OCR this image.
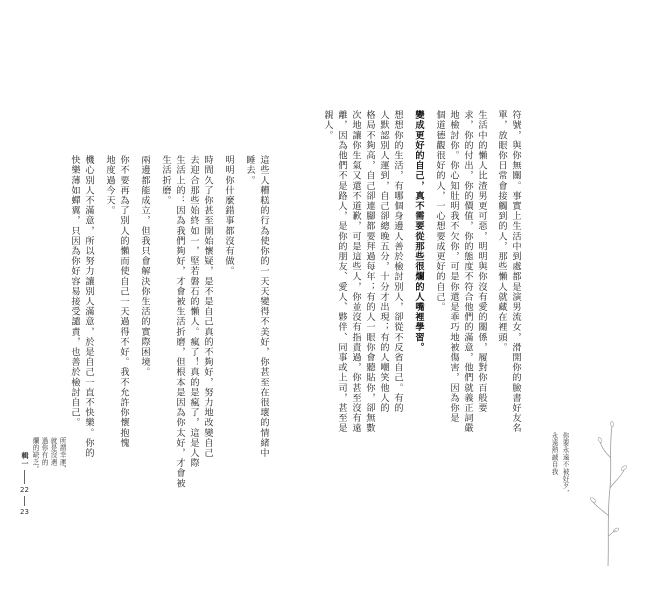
符號，與你無關。事實上生活中到處都是演男流女，滑開你的臉書好友名
單，放眼你日常會接觸到的人，那些懶人就藏在裡頭。
生活中的懶人比渣男更可惡，明明與你沒有愛的關係，履對你百般要
求，你的付出，你的價值，你的態度不符合他們的滿意，他們就義正詞嚴
地檢討你。你心知肚明我不欠你，可是你還是乖巧地被傷害，因為你是
個道德觀很好的人，一心想要成更好的自己。
變成更好的自己，真不需要從那些很爛的人嘴裡學習。
想想你的生活，有哪個身邊人善於檢討別人，卻從不反省自己。有的
人默認別人運到，自己卻總晚五分，十分才出現；有的人嘲笑他人的
格局不夠高，自己卻連腳都要拜過每年；有的人一眼你會聽貼你，卻無數
次地讓你生氣又還不道歉，可是這些人，你並沒有指責過，你甚至沒有遠
離，因為他們不是路人，是你的朋友、愛人、夥伴、同事或上司，甚至是
親人。
你要永遠不被好歹，
永遠熱誠自我
這些人糟糕的行為使你的一天天變得不美好，你甚至在很壞的情緒中
睡去。
明明你什麼錯事都沒有做。
時間久了你甚至開始懷疑，是不是自己真的不夠好，努力地改變自己
去迎合那些始終如一，堅若磐石的懶人。瘋了！真的是瘋了，這是人際
生活上的：因為我們夠好，才會被生活折磨，但根本是因為你太好，才會被
生活折磨。
兩邊都能成立，但我只會解決你生活的實際困境。
你不要再為了別人的懶而使自己一天過得不好。我不允許你懷抱愧
地度過今天。
機心別人不滿意，所以努力讓別人滿意，於是自己一直不快樂。你的
快樂薄如蟬翼，只因為你好容易接受譴責，也善於檢討自己。
所謂幸運，
就是沒遇
過你有的
爛的缺乏。
輯一
22
23
